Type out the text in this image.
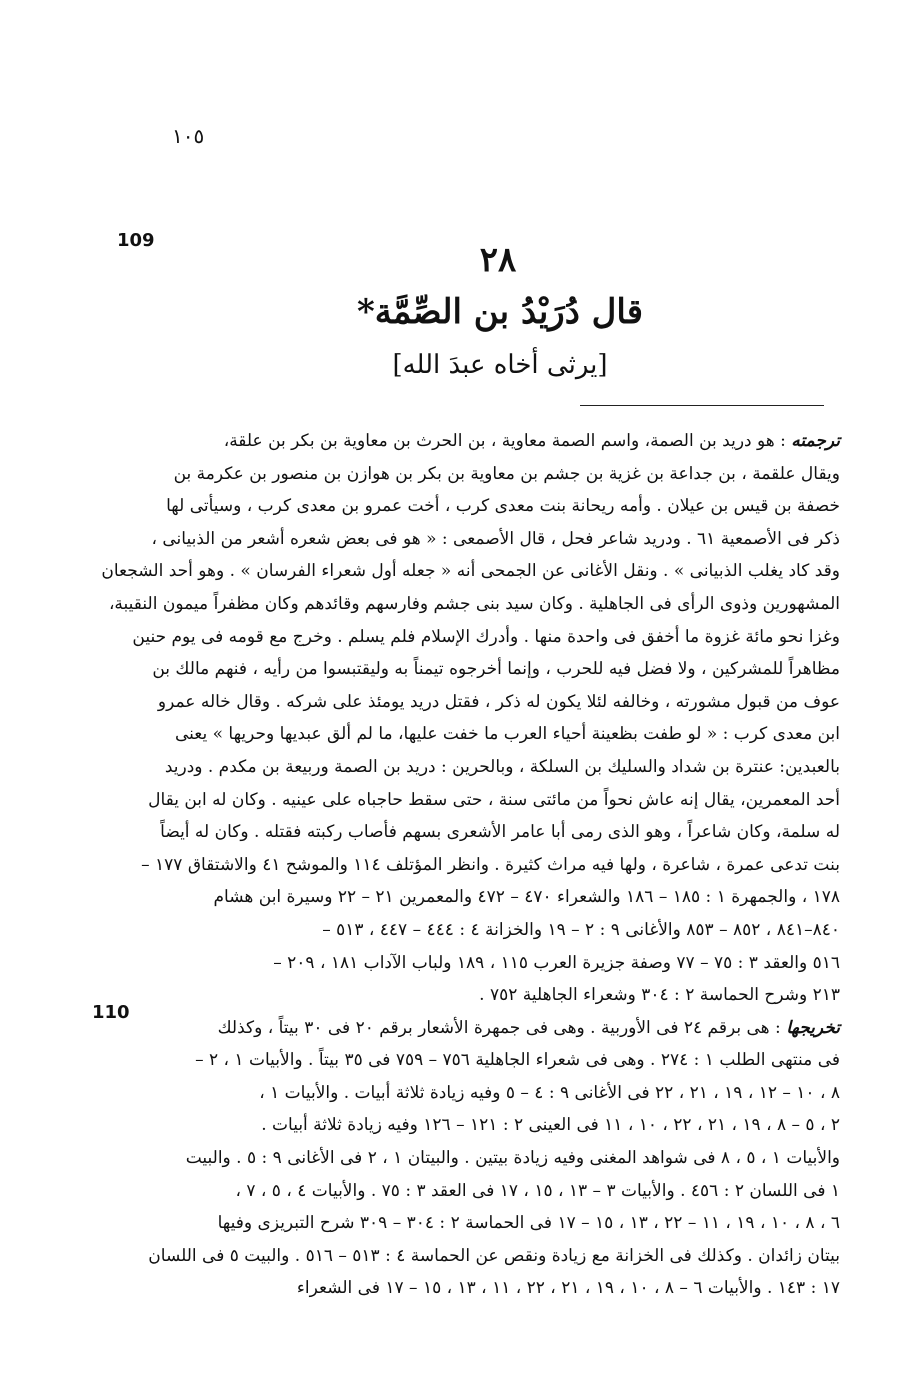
١٠٥
109
110
٢٨
قال دُرَيْدُ بن الصِّمَّة*
[يرثى أخاه عبدَ الله]
ترجمته : هو دريد بن الصمة، واسم الصمة معاوية ، بن الحرث بن معاوية بن بكر بن علقة،
ويقال علقمة ، بن جداعة بن غزية بن جشم بن معاوية بن بكر بن هوازن بن منصور بن عكرمة بن
خصفة بن قيس بن عيلان . وأمه ريحانة بنت معدى كرب ، أخت عمرو بن معدى كرب ، وسيأتى لها
ذكر فى الأصمعية ٦١ . ودريد شاعر فحل ، قال الأصمعى : « هو فى بعض شعره أشعر من الذبيانى ،
وقد كاد يغلب الذبيانى » . ونقل الأغانى عن الجمحى أنه « جعله أول شعراء الفرسان » . وهو أحد الشجعان
المشهورين وذوى الرأى فى الجاهلية . وكان سيد بنى جشم وفارسهم وقائدهم وكان مظفراً ميمون النقيبة،
وغزا نحو مائة غزوة ما أخفق فى واحدة منها . وأدرك الإسلام فلم يسلم . وخرج مع قومه فى يوم حنين
مظاهراً للمشركين ، ولا فضل فيه للحرب ، وإنما أخرجوه تيمناً به وليقتبسوا من رأيه ، فنهم مالك بن
عوف من قبول مشورته ، وخالفه لئلا يكون له ذكر ، فقتل دريد يومئذ على شركه . وقال خاله عمرو
ابن معدى كرب : « لو طفت بظعينة أحياء العرب ما خفت عليها، ما لم ألق عبديها وحريها » يعنى
بالعبدين: عنترة بن شداد والسليك بن السلكة ، وبالحرين : دريد بن الصمة وربيعة بن مكدم . ودريد
أحد المعمرين، يقال إنه عاش نحواً من مائتى سنة ، حتى سقط حاجباه على عينيه . وكان له ابن يقال
له سلمة، وكان شاعراً ، وهو الذى رمى أبا عامر الأشعرى بسهم فأصاب ركبته فقتله . وكان له أيضاً
بنت تدعى عمرة ، شاعرة ، ولها فيه مراث كثيرة . وانظر المؤتلف ١١٤ والموشح ٤١ والاشتقاق ١٧٧ –
١٧٨ ، والجمهرة ١ : ١٨٥ – ١٨٦ والشعراء ٤٧٠ – ٤٧٢ والمعمرين ٢١ – ٢٢ وسيرة ابن هشام
٨٤٠–٨٤١ ، ٨٥٢ – ٨٥٣ والأغانى ٩ : ٢ – ١٩ والخزانة ٤ : ٤٤٤ – ٤٤٧ ، ٥١٣ –
٥١٦ والعقد ٣ : ٧٥ – ٧٧ وصفة جزيرة العرب ١١٥ ، ١٨٩ ولباب الآداب ١٨١ ، ٢٠٩ –
٢١٣ وشرح الحماسة ٢ : ٣٠٤ وشعراء الجاهلية ٧٥٢ .
تخريجها : هى برقم ٢٤ فى الأوربية . وهى فى جمهرة الأشعار برقم ٢٠ فى ٣٠ بيتاً ، وكذلك
فى منتهى الطلب ١ : ٢٧٤ . وهى فى شعراء الجاهلية ٧٥٦ – ٧٥٩ فى ٣٥ بيتاً . والأبيات ١ ، ٢ –
٨ ، ١٠ – ١٢ ، ١٩ ، ٢١ ، ٢٢ فى الأغانى ٩ : ٤ – ٥ وفيه زيادة ثلاثة أبيات . والأبيات ١ ،
٢ ، ٥ – ٨ ، ١٩ ، ٢١ ، ٢٢ ، ١٠ ، ١١ فى العينى ٢ : ١٢١ – ١٢٦ وفيه زيادة ثلاثة أبيات .
والأبيات ١ ، ٥ ، ٨ فى شواهد المغنى وفيه زيادة بيتين . والبيتان ١ ، ٢ فى الأغانى ٩ : ٥ . والبيت
١ فى اللسان ٢ : ٤٥٦ . والأبيات ٣ – ١٣ ، ١٥ ، ١٧ فى العقد ٣ : ٧٥ . والأبيات ٤ ، ٥ ، ٧ ،
٦ ، ٨ ، ١٠ ، ١٩ ، ١١ – ٢٢ ، ١٣ ، ١٥ – ١٧ فى الحماسة ٢ : ٣٠٤ – ٣٠٩ شرح التبريزى وفيها
بيتان زائدان . وكذلك فى الخزانة مع زيادة ونقص عن الحماسة ٤ : ٥١٣ – ٥١٦ . والبيت ٥ فى اللسان
١٧ : ١٤٣ . والأبيات ٦ – ٨ ، ١٠ ، ١٩ ، ٢١ ، ٢٢ ، ١١ ، ١٣ ، ١٥ – ١٧ فى الشعراء
